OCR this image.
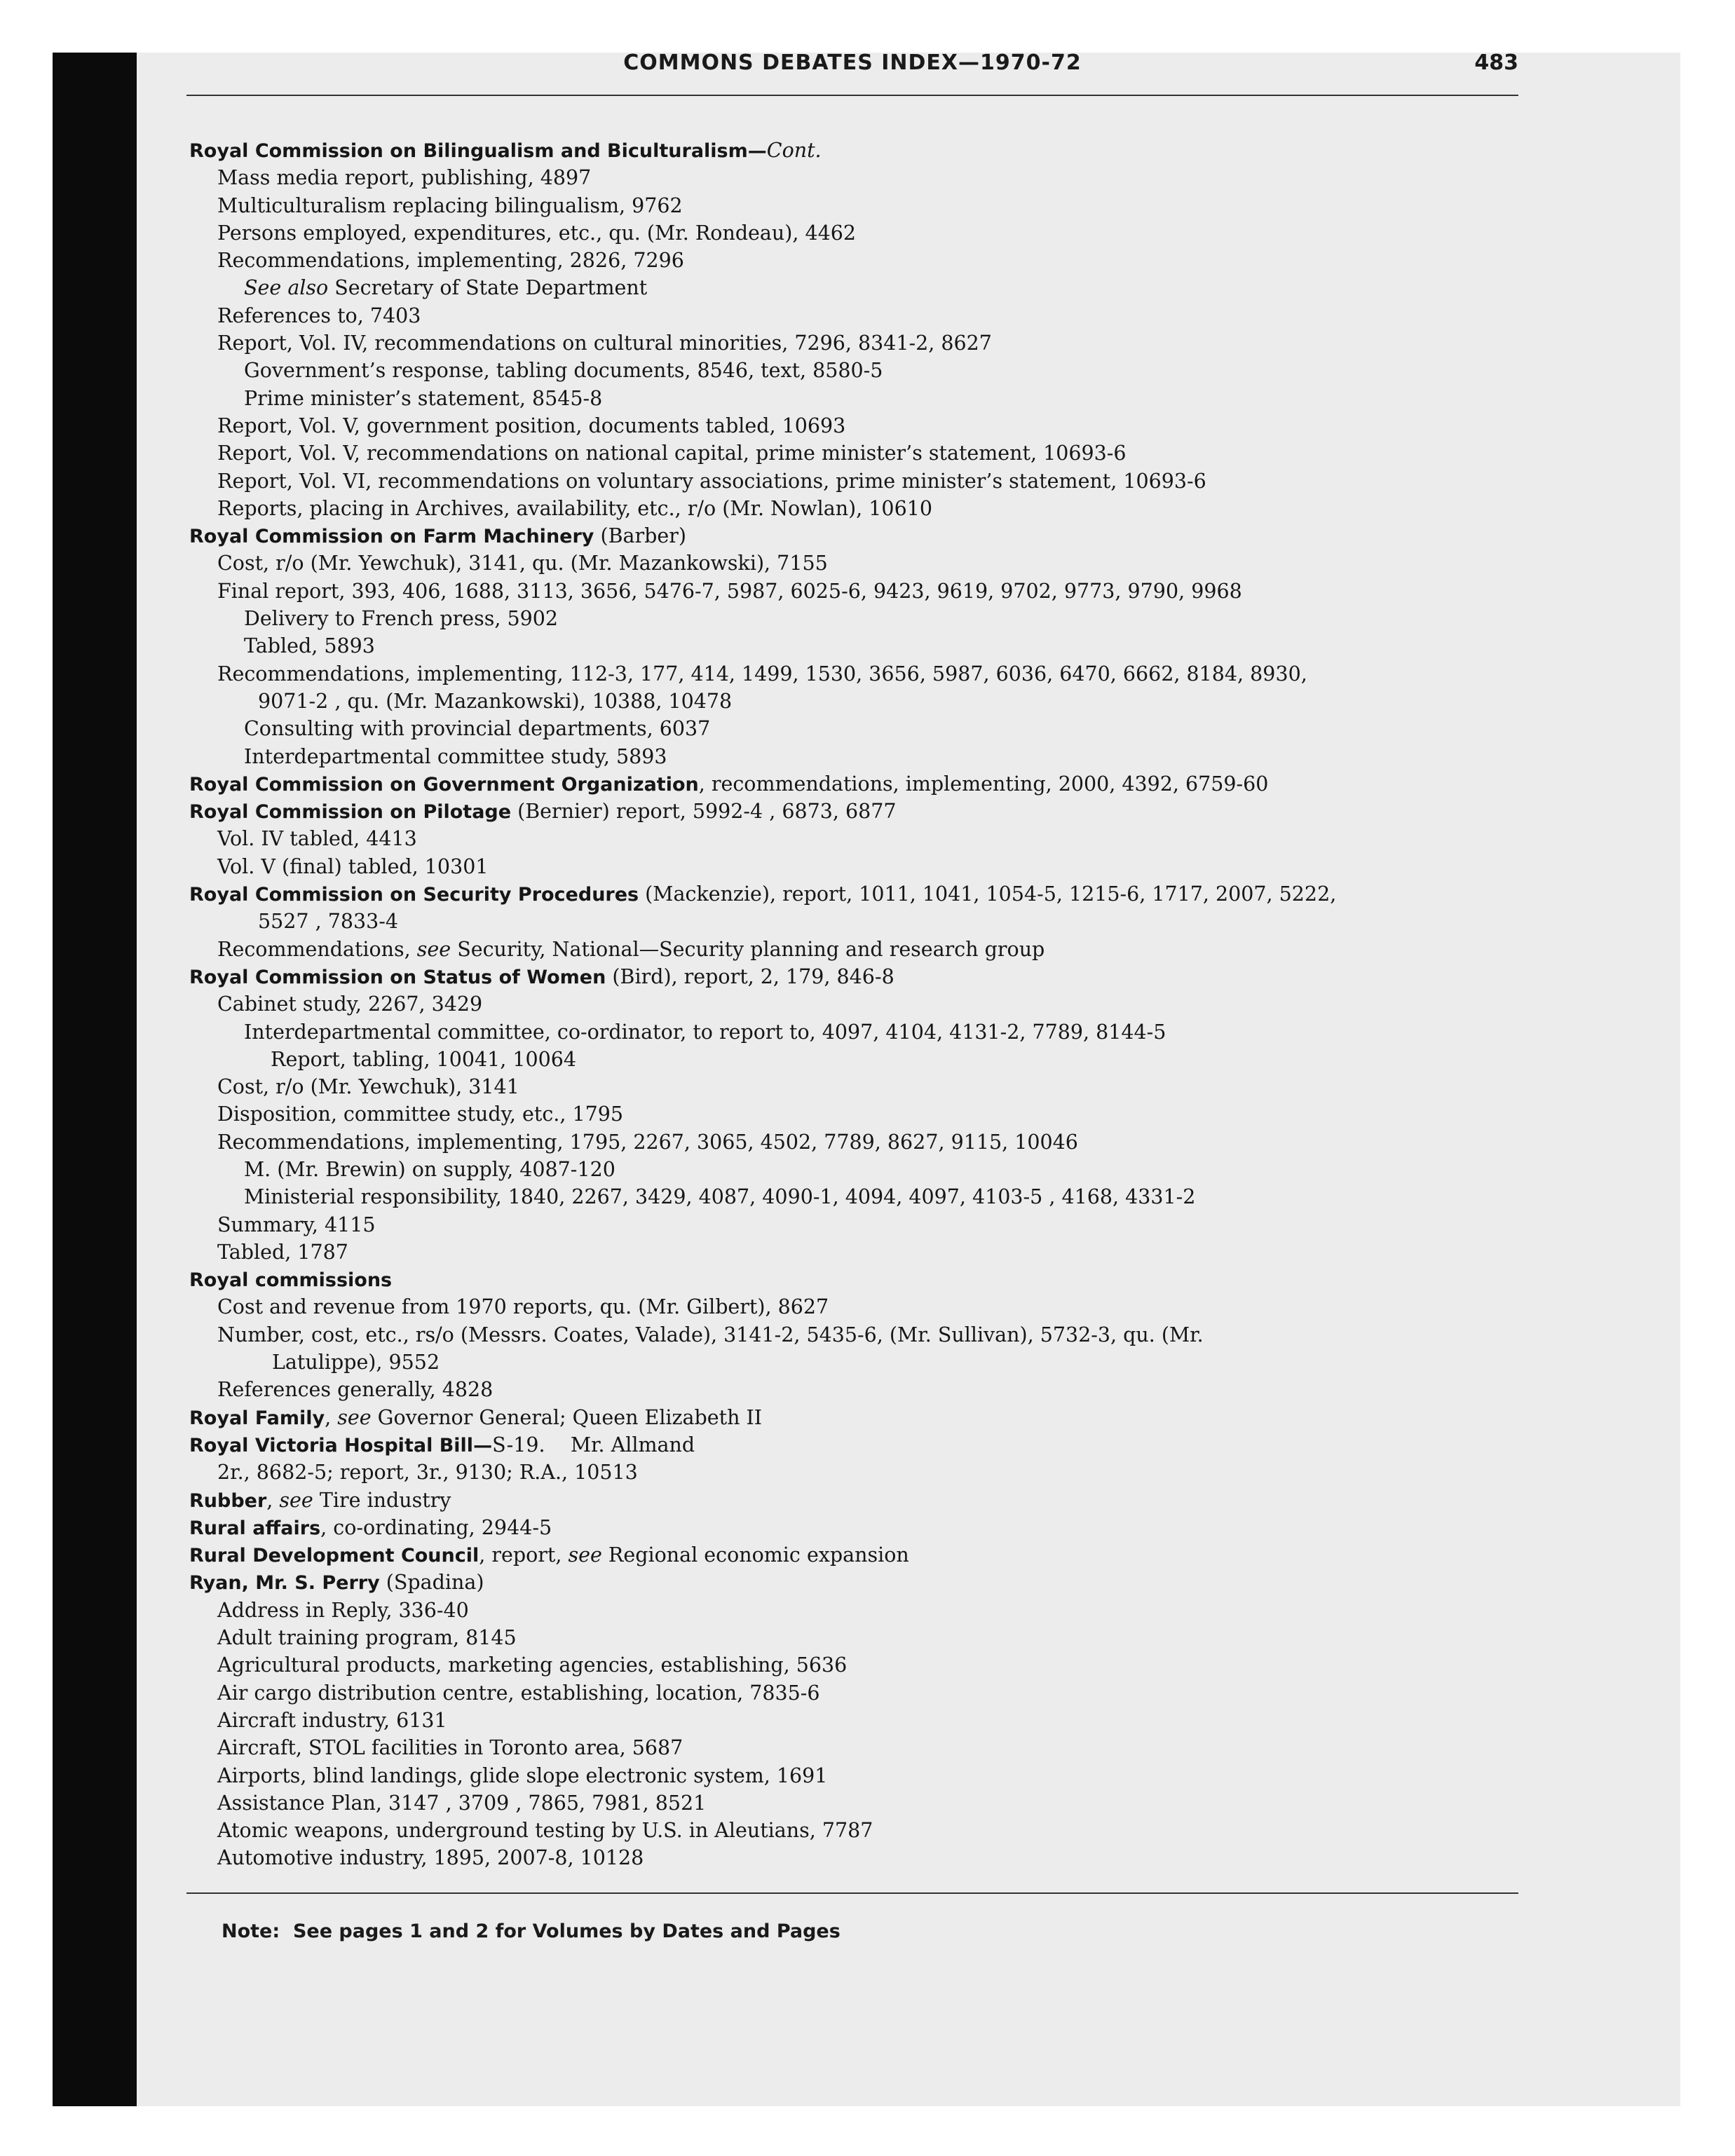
COMMONS DEBATES INDEX—1970-72	483
Royal Commission on Bilingualism and Biculturalism—Cont.
Mass media report, publishing, 4897
Multiculturalism replacing bilingualism, 9762
Persons employed, expenditures, etc., qu. (Mr. Rondeau), 4462
Recommendations, implementing, 2826, 7296
See also Secretary of State Department
References to, 7403
Report, Vol. IV, recommendations on cultural minorities, 7296, 8341-2, 8627
Government’s response, tabling documents, 8546, text, 8580-5
Prime minister’s statement, 8545-8
Report, Vol. V, government position, documents tabled, 10693
Report, Vol. V, recommendations on national capital, prime minister’s statement, 10693-6
Report, Vol. VI, recommendations on voluntary associations, prime minister’s statement, 10693-6
Reports, placing in Archives, availability, etc., r/o (Mr. Nowlan), 10610
Royal Commission on Farm Machinery (Barber)
Cost, r/o (Mr. Yewchuk), 3141, qu. (Mr. Mazankowski), 7155
Final report, 393, 406, 1688, 3113, 3656, 5476-7, 5987, 6025-6, 9423, 9619, 9702, 9773, 9790, 9968
Delivery to French press, 5902
Tabled, 5893
Recommendations, implementing, 112-3, 177, 414, 1499, 1530, 3656, 5987, 6036, 6470, 6662, 8184, 8930,
9071-2 , qu. (Mr. Mazankowski), 10388, 10478
Consulting with provincial departments, 6037
Interdepartmental committee study, 5893
Royal Commission on Government Organization, recommendations, implementing, 2000, 4392, 6759-60
Royal Commission on Pilotage (Bernier) report, 5992-4 , 6873, 6877
Vol. IV tabled, 4413
Vol. V (final) tabled, 10301
Royal Commission on Security Procedures (Mackenzie), report, 1011, 1041, 1054-5, 1215-6, 1717, 2007, 5222,
5527 , 7833-4
Recommendations, see Security, National—Security planning and research group
Royal Commission on Status of Women (Bird), report, 2, 179, 846-8
Cabinet study, 2267, 3429
Interdepartmental committee, co-ordinator, to report to, 4097, 4104, 4131-2, 7789, 8144-5
Report, tabling, 10041, 10064
Cost, r/o (Mr. Yewchuk), 3141
Disposition, committee study, etc., 1795
Recommendations, implementing, 1795, 2267, 3065, 4502, 7789, 8627, 9115, 10046
M. (Mr. Brewin) on supply, 4087-120
Ministerial responsibility, 1840, 2267, 3429, 4087, 4090-1, 4094, 4097, 4103-5 , 4168, 4331-2
Summary, 4115
Tabled, 1787
Royal commissions
Cost and revenue from 1970 reports, qu. (Mr. Gilbert), 8627
Number, cost, etc., rs/o (Messrs. Coates, Valade), 3141-2, 5435-6, (Mr. Sullivan), 5732-3, qu. (Mr.
Latulippe), 9552
References generally, 4828
Royal Family, see Governor General; Queen Elizabeth II
Royal Victoria Hospital Bill—S-19.    Mr. Allmand
2r., 8682-5; report, 3r., 9130; R.A., 10513
Rubber, see Tire industry
Rural affairs, co-ordinating, 2944-5
Rural Development Council, report, see Regional economic expansion
Ryan, Mr. S. Perry (Spadina)
Address in Reply, 336-40
Adult training program, 8145
Agricultural products, marketing agencies, establishing, 5636
Air cargo distribution centre, establishing, location, 7835-6
Aircraft industry, 6131
Aircraft, STOL facilities in Toronto area, 5687
Airports, blind landings, glide slope electronic system, 1691
Assistance Plan, 3147 , 3709 , 7865, 7981, 8521
Atomic weapons, underground testing by U.S. in Aleutians, 7787
Automotive industry, 1895, 2007-8, 10128
Note:  See pages 1 and 2 for Volumes by Dates and Pages
